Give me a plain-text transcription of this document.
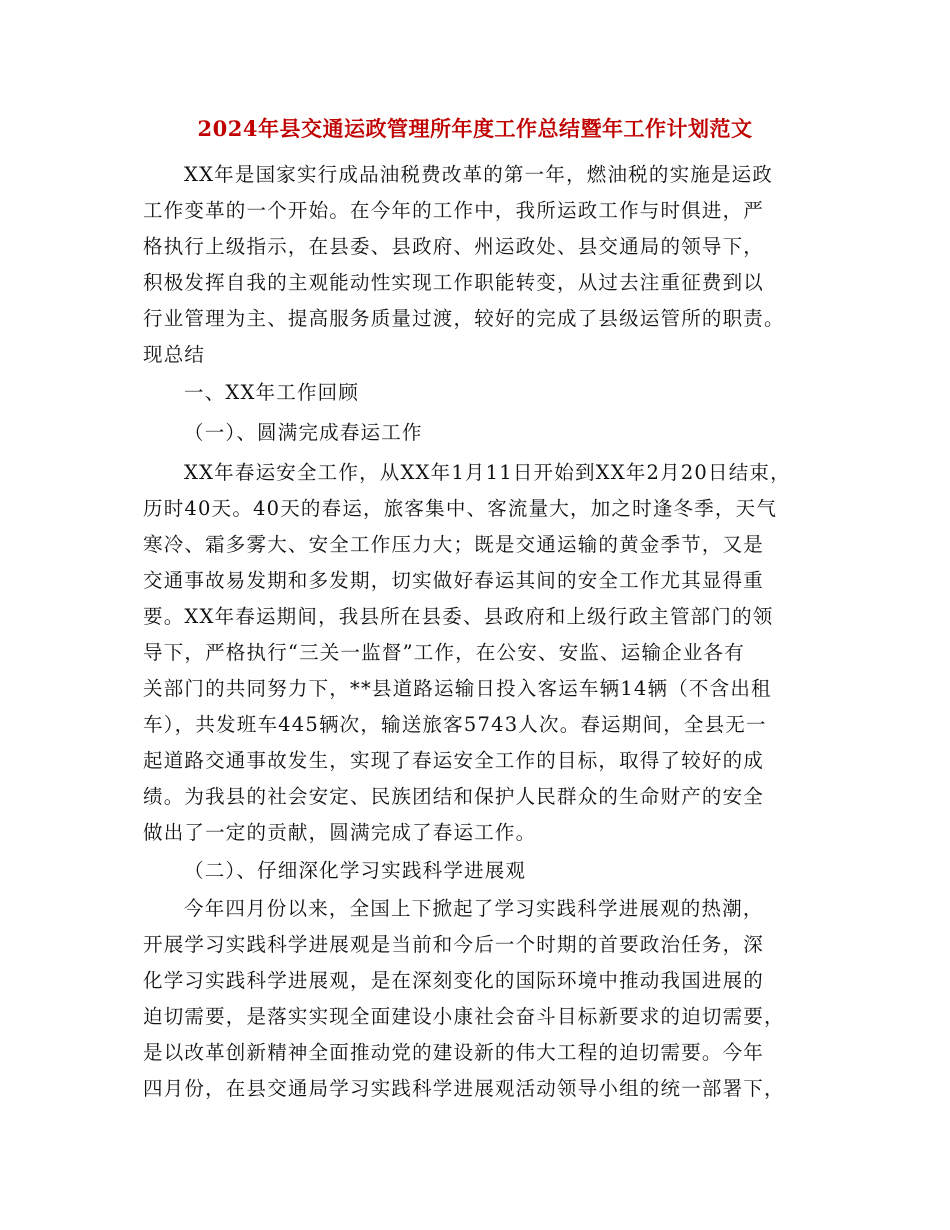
2024年县交通运政管理所年度工作总结暨年工作计划范文
XX年是国家实行成品油税费改革的第一年，燃油税的实施是运政
工作变革的一个开始。在今年的工作中，我所运政工作与时俱进，严
格执行上级指示，在县委、县政府、州运政处、县交通局的领导下，
积极发挥自我的主观能动性实现工作职能转变，从过去注重征费到以
行业管理为主、提高服务质量过渡，较好的完成了县级运管所的职责。
现总结
一、XX年工作回顾
（一）、圆满完成春运工作
XX年春运安全工作，从XX年1月11日开始到XX年2月20日结束，
历时40天。40天的春运，旅客集中、客流量大，加之时逢冬季，天气
寒冷、霜多雾大、安全工作压力大；既是交通运输的黄金季节，又是
交通事故易发期和多发期，切实做好春运其间的安全工作尤其显得重
要。XX年春运期间，我县所在县委、县政府和上级行政主管部门的领
导下，严格执行“三关一监督”工作，在公安、安监、运输企业各有
关部门的共同努力下，**县道路运输日投入客运车辆14辆（不含出租
车），共发班车445辆次，输送旅客5743人次。春运期间，全县无一
起道路交通事故发生，实现了春运安全工作的目标，取得了较好的成
绩。为我县的社会安定、民族团结和保护人民群众的生命财产的安全
做出了一定的贡献，圆满完成了春运工作。
（二）、仔细深化学习实践科学进展观
今年四月份以来，全国上下掀起了学习实践科学进展观的热潮，
开展学习实践科学进展观是当前和今后一个时期的首要政治任务，深
化学习实践科学进展观，是在深刻变化的国际环境中推动我国进展的
迫切需要，是落实实现全面建设小康社会奋斗目标新要求的迫切需要，
是以改革创新精神全面推动党的建设新的伟大工程的迫切需要。今年
四月份，在县交通局学习实践科学进展观活动领导小组的统一部署下，
